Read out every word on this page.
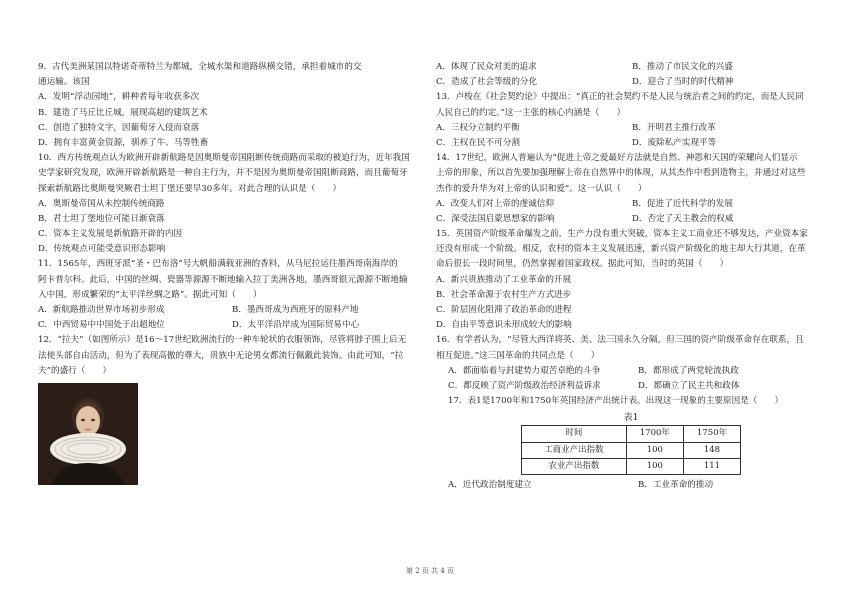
9．古代美洲某国以特诺奇蒂特兰为都城，全城水渠和道路纵横交错，承担着城市的交
通运输。该国
A．发明“浮动园地”，耕种者每年收获多次
B．建造了马丘比丘城，展现高超的建筑艺术
C．创造了独特文字，因葡萄牙入侵而衰落
D．拥有丰富黄金资源，驯养了牛、马等牲畜
10．西方传统观点认为欧洲开辟新航路是因奥斯曼帝国阻断传统商路而采取的被迫行为，近年我国
史学家研究发现，欧洲开辟新航路是一种自主行为，并不是因为奥斯曼帝国阻断商路，而且葡萄牙
探索新航路比奥斯曼突厥君士坦丁堡还要早30多年。对此合理的认识是（　　）
A．奥斯曼帝国从未控制传统商路
B．君士坦丁堡地位可能日渐衰落
C．资本主义发展是新航路开辟的内因
D．传统观点可能受意识形态影响
11．1565年，西班牙派“圣・巴布洛”号大帆船满载亚洲的香料，从马尼拉运往墨西哥南海岸的
阿卡普尔科。此后，中国的丝绸、瓷器等源源不断地输入拉丁美洲各地，墨西哥银元源源不断地输
入中国，形成繁荣的“太平洋丝绸之路”。据此可知（　　）
A．新航路推动世界市场初步形成	B．墨西哥成为西班牙的原料产地
C．中西贸易中中国处于出超地位	D．太平洋沿岸成为国际贸易中心
12．“拉夫”（如图所示）是16～17世纪欧洲流行的一种车轮状的衣服领饰，尽管将脖子围上后无
法使头部自由活动，但为了表现高傲的尊大，贵族中无论男女都流行佩戴此装饰。由此可知，“拉
夫”的盛行（　　）
A．体现了民众对美的追求	B．推动了市民文化的兴盛
C．造成了社会等级的分化	D．迎合了当时的时代精神
13．卢梭在《社会契约论》中提出：“真正的社会契约不是人民与统治者之间的约定，而是人民同
人民自己的约定。”这一主张的核心内涵是（　　）
A．三权分立制约平衡	B．开明君主推行改革
C．主权在民不可分割	D．废除私产实现平等
14．17世纪，欧洲人普遍认为“促进上帝之爱最好方法就是自然、神恩和天国的荣耀向人们显示
上帝的形象，所以首先要加强理解上帝在自然界中的体现，从其杰作中看到造物主，并通过对这些
杰作的爱升华为对上帝的认识和爱”。这一认识（　　）
A．改变人们对上帝的虔诚信仰	B．促进了近代科学的发展
C．深受法国启蒙思想家的影响	D．否定了天主教会的权威
15．英国资产阶级革命爆发之前，生产力没有重大突破，资本主义工商业还不够发达，产业资本家
还没有形成一个阶级。相反，农村的资本主义发展迅速，新兴资产阶级化的地主却大行其道，在革
命后很长一段时间里，仍然掌握着国家政权。据此可知，当时的英国（　　）
A．新兴贵族推动了工业革命的开展
B．社会革命源于农村生产方式进步
C．阶层固化阻滞了政治革命的进程
D．自由平等意识未形成较大的影响
16．有学者认为，“尽管大西洋将英、美、法三国永久分隔，但三国的资产阶级革命存在联系，且
相互促进。”这三国革命的共同点是（　　）
A．都面临着与封建势力艰苦卓绝的斗争	B．都形成了两党轮流执政
C．都反映了资产阶级政治经济利益诉求	D．都确立了民主共和政体
17．表1是1700年和1750年英国经济产出统计表。出现这一现象的主要原因是（　　）
表1
时间	1700年	1750年
工商业产出指数	100	148
农业产出指数	100	111
A．近代政治制度建立	B．工业革命的推动
第 2 页 共 4 页
